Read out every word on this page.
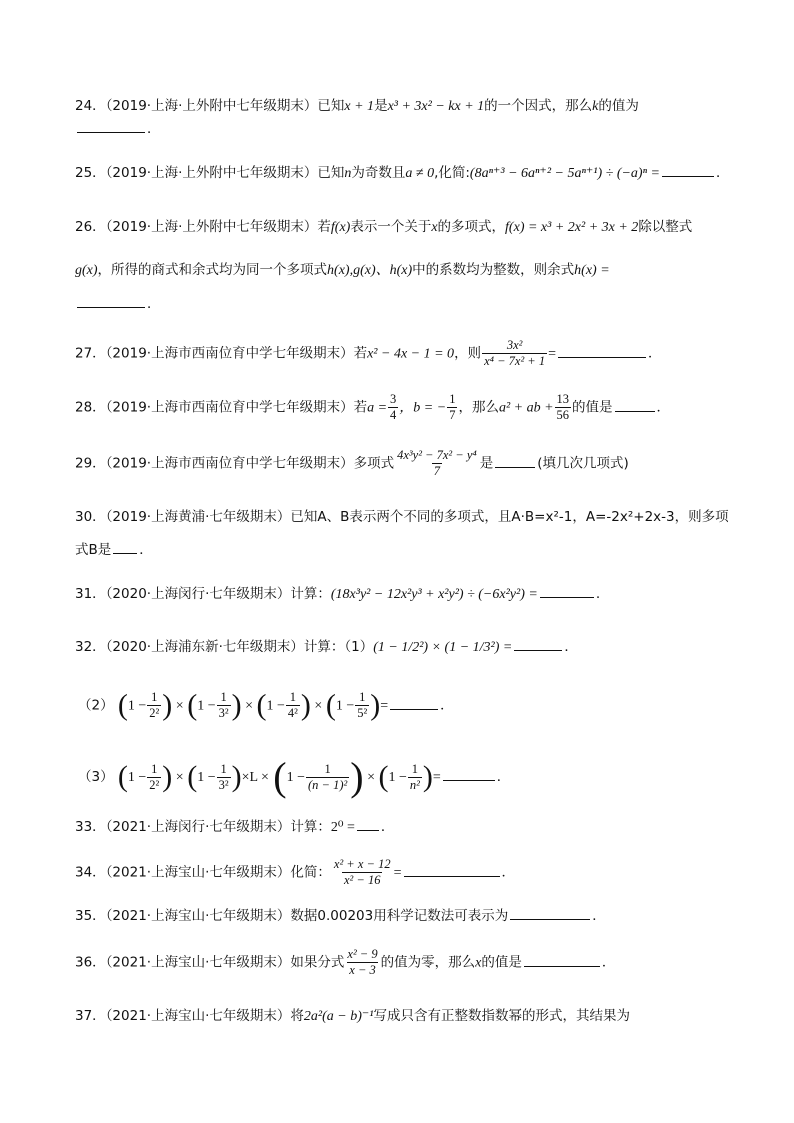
24．（2019·上海·上外附中七年级期末）已知x + 1是x³ + 3x² − kx + 1的一个因式，那么k的值为
．
25．（2019·上海·上外附中七年级期末）已知n为奇数且a ≠ 0,化简:(8aⁿ⁺³ − 6aⁿ⁺² − 5aⁿ⁺¹) ÷ (−a)ⁿ =	．
26．（2019·上海·上外附中七年级期末）若f(x)表示一个关于x的多项式，f(x) = x³ + 2x² + 3x + 2除以整式
g(x)，所得的商式和余式均为同一个多项式h(x),g(x)、h(x)中的系数均为整数，则余式h(x) =
．
27．（2019·上海市西南位育中学七年级期末）若x² − 4x − 1 = 0，则 $\frac{\text{3x²}}{\text{x⁴ − 7x² + 1}}$ =	．
28．（2019·上海市西南位育中学七年级期末）若$a = \frac{3}{4}$ ，b = − $\frac{1}{7}$ ，那么a² + ab + $\frac{13}{56}$ 的值是	．
29．（2019·上海市西南位育中学七年级期末）多项式 $\frac{\text{4x³y² − 7x² − y⁴}}{7}$ 是	(填几次几项式)
30．（2019·上海黄浦·七年级期末）已知A、B表示两个不同的多项式，且A·B=x²-1，A=-2x²+2x-3，则多项
式B是 ．
31．（2020·上海闵行·七年级期末）计算：(18x³y² − 12x²y³ + x²y²) ÷ (−6x²y²) =	.
32．（2020·上海浦东新·七年级期末）计算：（1）(1 − 1/2²) × (1 − 1/3²) =	．
（2） ($1 - \frac{1}{\text{2²}}$ ) × ($1 - \frac{1}{\text{3²}}$ ) × ($1 - \frac{1}{\text{4²}}$ ) × ($1 - \frac{1}{\text{5²}}$ )=	．
（3） ($1 - \frac{1}{\text{2²}}$ ) × $(1 - \frac{1}{\text{3²}} )\times L \times (1 - \frac{1}{\text{(n − 1)²}}$ ) × ($1 - \frac{1}{\text{n²}}$ )=	．
33．（2021·上海闵行·七年级期末）计算：2⁰ = ．
34．（2021·上海宝山·七年级期末）化简： $\frac{\text{x² + x − 12}}{\text{x² − 16}}$ =	．
35．（2021·上海宝山·七年级期末）数据0.00203用科学记数法可表示为	．
36．（2021·上海宝山·七年级期末）如果分式 $\frac{\text{x² − 9}}{x - 3}$ 的值为零，那么x的值是	．
37．（2021·上海宝山·七年级期末）将2a²(a − b)⁻¹写成只含有正整数指数幂的形式，其结果为
